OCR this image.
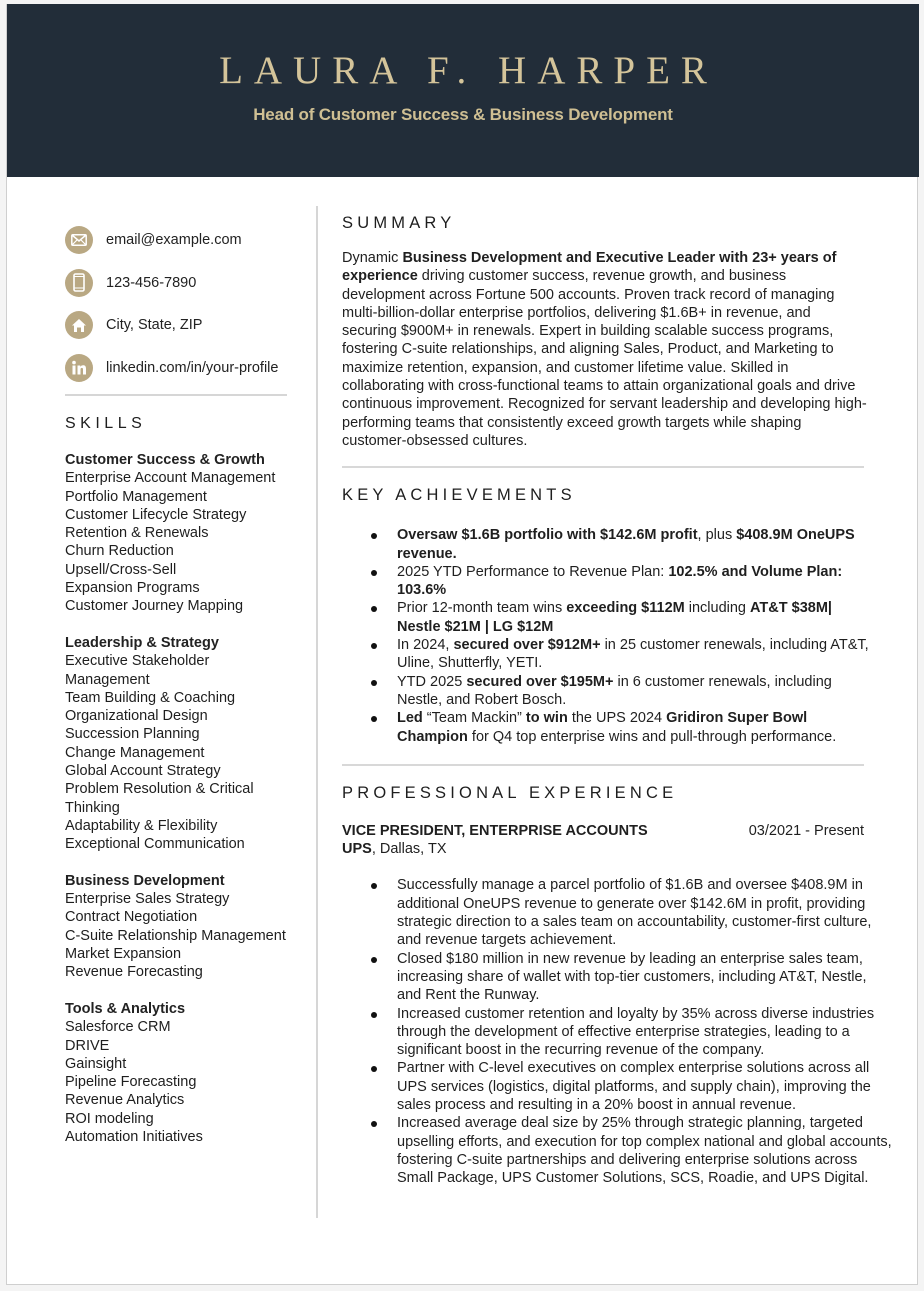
LAURA F. HARPER

Head of Customer Success & Business Development

email@example.com
123-456-7890
City, State, ZIP
linkedin.com/in/your-profile
SKILLS
Customer Success & Growth
Enterprise Account Management
Portfolio Management
Customer Lifecycle Strategy
Retention & Renewals
Churn Reduction
Upsell/Cross-Sell
Expansion Programs
Customer Journey Mapping
Leadership & Strategy
Executive Stakeholder Management
Team Building & Coaching
Organizational Design
Succession Planning
Change Management
Global Account Strategy
Problem Resolution & Critical Thinking
Adaptability & Flexibility
Exceptional Communication
Business Development
Enterprise Sales Strategy
Contract Negotiation
C-Suite Relationship Management
Market Expansion
Revenue Forecasting
Tools & Analytics
Salesforce CRM
DRIVE
Gainsight
Pipeline Forecasting
Revenue Analytics
ROI modeling
Automation Initiatives
SUMMARY

Dynamic Business Development and Executive Leader with 23+ years of experience driving customer success, revenue growth, and business development across Fortune 500 accounts. Proven track record of managing multi-billion-dollar enterprise portfolios, delivering $1.6B+ in revenue, and securing $900M+ in renewals. Expert in building scalable success programs, fostering C-suite relationships, and aligning Sales, Product, and Marketing to maximize retention, expansion, and customer lifetime value. Skilled in collaborating with cross-functional teams to attain organizational goals and drive continuous improvement. Recognized for servant leadership and developing high-performing teams that consistently exceed growth targets while shaping customer-obsessed cultures.

KEY ACHIEVEMENTS
Oversaw $1.6B portfolio with $142.6M profit, plus $408.9M OneUPS revenue.
2025 YTD Performance to Revenue Plan: 102.5% and Volume Plan: 103.6%
Prior 12-month team wins exceeding $112M including AT&T $38M| Nestle $21M | LG $12M
In 2024, secured over $912M+ in 25 customer renewals, including AT&T, Uline, Shutterfly, YETI.
YTD 2025 secured over $195M+ in 6 customer renewals, including Nestle, and Robert Bosch.
Led “Team Mackin” to win the UPS 2024 Gridiron Super Bowl Champion for Q4 top enterprise wins and pull-through performance.
PROFESSIONAL EXPERIENCE
VICE PRESIDENT, ENTERPRISE ACCOUNTS	03/2021 - Present
UPS, Dallas, TX
Successfully manage a parcel portfolio of $1.6B and oversee $408.9M in additional OneUPS revenue to generate over $142.6M in profit, providing strategic direction to a sales team on accountability, customer-first culture, and revenue targets achievement.
Closed $180 million in new revenue by leading an enterprise sales team, increasing share of wallet with top-tier customers, including AT&T, Nestle, and Rent the Runway.
Increased customer retention and loyalty by 35% across diverse industries through the development of effective enterprise strategies, leading to a significant boost in the recurring revenue of the company.
Partner with C-level executives on complex enterprise solutions across all UPS services (logistics, digital platforms, and supply chain), improving the sales process and resulting in a 20% boost in annual revenue.
Increased average deal size by 25% through strategic planning, targeted upselling efforts, and execution for top complex national and global accounts, fostering C-suite partnerships and delivering enterprise solutions across Small Package, UPS Customer Solutions, SCS, Roadie, and UPS Digital.
